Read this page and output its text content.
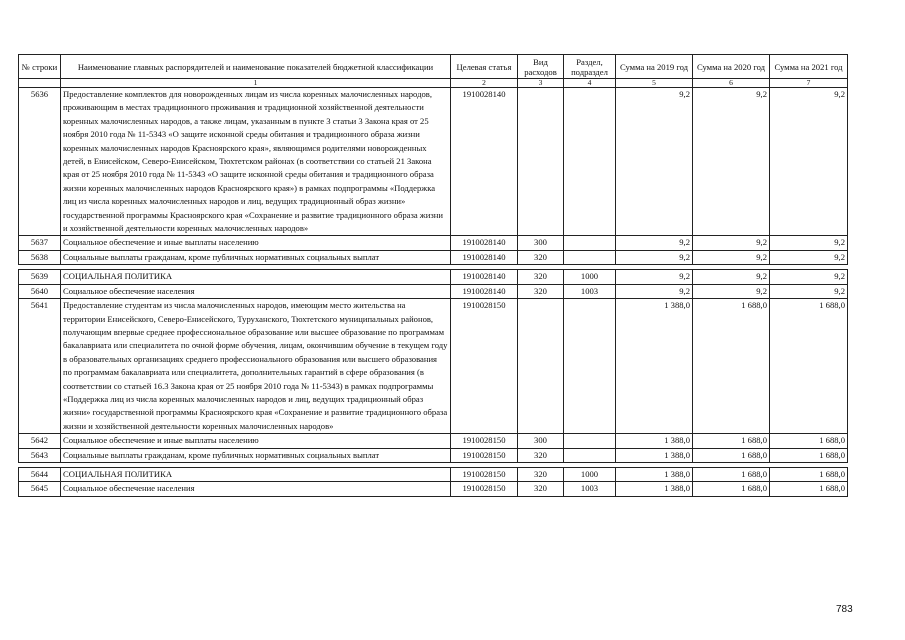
№ строки	Наименование главных распорядителей и наименование показателей бюджетной классификации	Целевая статья	Вид расходов	Раздел, подраздел	Сумма на 2019 год	Сумма на 2020 год	Сумма на 2021 год
	1	2	3	4	5	6	7
5636	Предоставление комплектов для новорожденных лицам из числа коренных малочисленных народов, проживающим в местах традиционного проживания и традиционной хозяйственной деятельности коренных малочисленных народов, а также лицам, указанным в пункте 3 статьи 3 Закона края от 25 ноября 2010 года № 11-5343 «О защите исконной среды обитания и традиционного образа жизни коренных малочисленных народов Красноярского края», являющимся родителями новорожденных детей, в Енисейском, Северо-Енисейском, Тюхтетском районах (в соответствии со статьей 21 Закона края от 25 ноября 2010 года № 11-5343 «О защите исконной среды обитания и традиционного образа жизни коренных малочисленных народов Красноярского края») в рамках подпрограммы «Поддержка лиц из числа коренных малочисленных народов и лиц, ведущих традиционный образ жизни» государственной программы Красноярского края «Сохранение и развитие традиционного образа жизни и хозяйственной деятельности коренных малочисленных народов»	1910028140			9,2	9,2	9,2
5637	Социальное обеспечение и иные выплаты населению	1910028140	300		9,2	9,2	9,2
5638	Социальные выплаты гражданам, кроме публичных нормативных социальных выплат	1910028140	320		9,2	9,2	9,2

5639	СОЦИАЛЬНАЯ ПОЛИТИКА	1910028140	320	1000	9,2	9,2	9,2
5640	Социальное обеспечение населения	1910028140	320	1003	9,2	9,2	9,2
5641	Предоставление студентам из числа малочисленных народов, имеющим место жительства на территории Енисейского, Северо-Енисейского, Туруханского, Тюхтетского муниципальных районов, получающим впервые среднее профессиональное образование или высшее образование по программам бакалавриата или специалитета по очной форме обучения, лицам, окончившим обучение в текущем году в образовательных организациях среднего профессионального образования или высшего образования по программам бакалавриата или специалитета, дополнительных гарантий в сфере образования (в соответствии со статьей 16.3 Закона края от 25 ноября 2010 года № 11-5343) в рамках подпрограммы «Поддержка лиц из числа коренных малочисленных народов и лиц, ведущих традиционный образ жизни» государственной программы Красноярского края «Сохранение и развитие традиционного образа жизни и хозяйственной деятельности коренных малочисленных народов»	1910028150			1 388,0	1 688,0	1 688,0
5642	Социальное обеспечение и иные выплаты населению	1910028150	300		1 388,0	1 688,0	1 688,0
5643	Социальные выплаты гражданам, кроме публичных нормативных социальных выплат	1910028150	320		1 388,0	1 688,0	1 688,0

5644	СОЦИАЛЬНАЯ ПОЛИТИКА	1910028150	320	1000	1 388,0	1 688,0	1 688,0
5645	Социальное обеспечение населения	1910028150	320	1003	1 388,0	1 688,0	1 688,0
783
